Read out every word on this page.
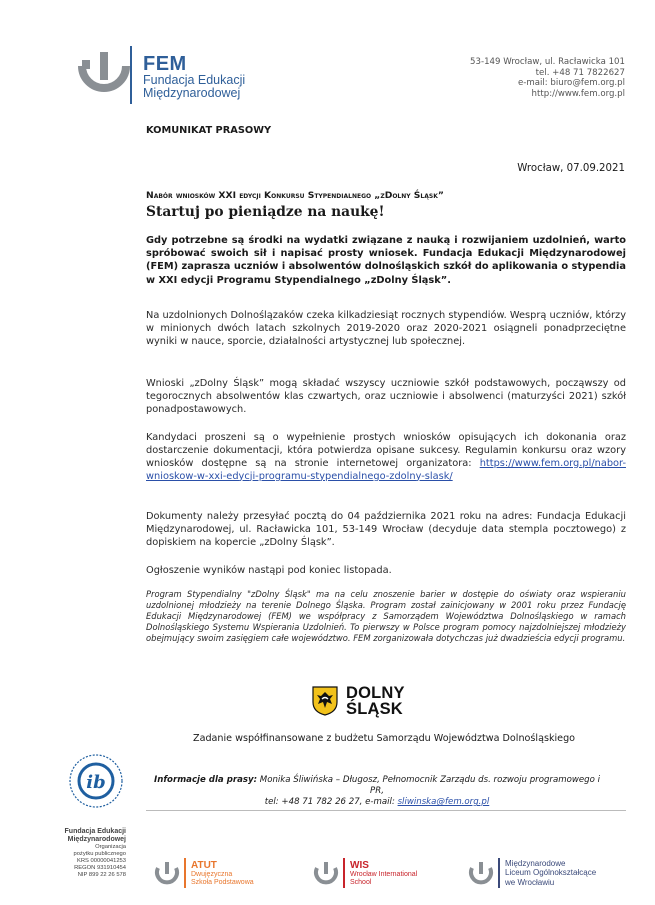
FEM
Fundacja Edukacji
Międzynarodowej
53-149 Wrocław, ul. Racławicka 101
tel. +48 71 7822627
e-mail: biuro@fem.org.pl
http://www.fem.org.pl
KOMUNIKAT PRASOWY
Wrocław, 07.09.2021
Nabór wniosków XXI edycji Konkursu Stypendialnego „zDolny Śląsk”
Startuj po pieniądze na naukę!
Gdy potrzebne są środki na wydatki związane z nauką i rozwijaniem uzdolnień, warto spróbować swoich sił i napisać prosty wniosek. Fundacja Edukacji Międzynarodowej (FEM) zaprasza uczniów i absolwentów dolnośląskich szkół do aplikowania o stypendia w XXI edycji Programu Stypendialnego „zDolny Śląsk”.
Na uzdolnionych Dolnoślązaków czeka kilkadziesiąt rocznych stypendiów. Wesprą uczniów, którzy w minionych dwóch latach szkolnych 2019-2020 oraz 2020-2021 osiągneli ponadprzeciętne wyniki w nauce, sporcie, działalności artystycznej lub społecznej.
Wnioski „zDolny Śląsk” mogą składać wszyscy uczniowie szkół podstawowych, począwszy od tegorocznych absolwentów klas czwartych, oraz uczniowie i absolwenci (maturzyści 2021) szkół ponadpostawowych.
Kandydaci proszeni są o wypełnienie prostych wniosków opisujących ich dokonania oraz dostarczenie dokumentacji, która potwierdza opisane sukcesy. Regulamin konkursu oraz wzory wniosków dostępne są na stronie internetowej organizatora: https://www.fem.org.pl/nabor-wnioskow-w-xxi-edycji-programu-stypendialnego-zdolny-slask/
Dokumenty należy przesyłać pocztą do 04 października 2021 roku na adres: Fundacja Edukacji Międzynarodowej, ul. Racławicka 101, 53-149 Wrocław (decyduje data stempla pocztowego) z dopiskiem na kopercie „zDolny Śląsk”.
Ogłoszenie wyników nastąpi pod koniec listopada.
Program Stypendialny "zDolny Śląsk" ma na celu znoszenie barier w dostępie do oświaty oraz wspieraniu uzdolnionej młodzieży na terenie Dolnego Śląska. Program został zainicjowany w 2001 roku przez Fundację Edukacji Międzynarodowej (FEM) we współpracy z Samorządem Województwa Dolnośląskiego w ramach Dolnośląskiego Systemu Wspierania Uzdolnień. To pierwszy w Polsce program pomocy najzdolniejszej młodzieży obejmujący swoim zasięgiem całe województwo. FEM zorganizowała dotychczas już dwadzieścia edycji programu.
DOLNY
ŚLĄSK
Zadanie współfinansowane z budżetu Samorządu Województwa Dolnośląskiego
ib	Informacje dla prasy: Monika Śliwińska – Długosz, Pełnomocnik Zarządu ds. rozwoju programowego i PR,
tel: +48 71 782 26 27, e-mail: sliwinska@fem.org.pl
Fundacja Edukacji
Międzynarodowej
Organizacja
pożytku publicznego
KRS 00000041253
REGON 931910454
NIP 899 22 26 578
ATUT
Dwujęzyczna
Szkoła Podstawowa
WIS
Wrocław International
School
Międzynarodowe
Liceum Ogólnokształcące
we Wrocławiu
